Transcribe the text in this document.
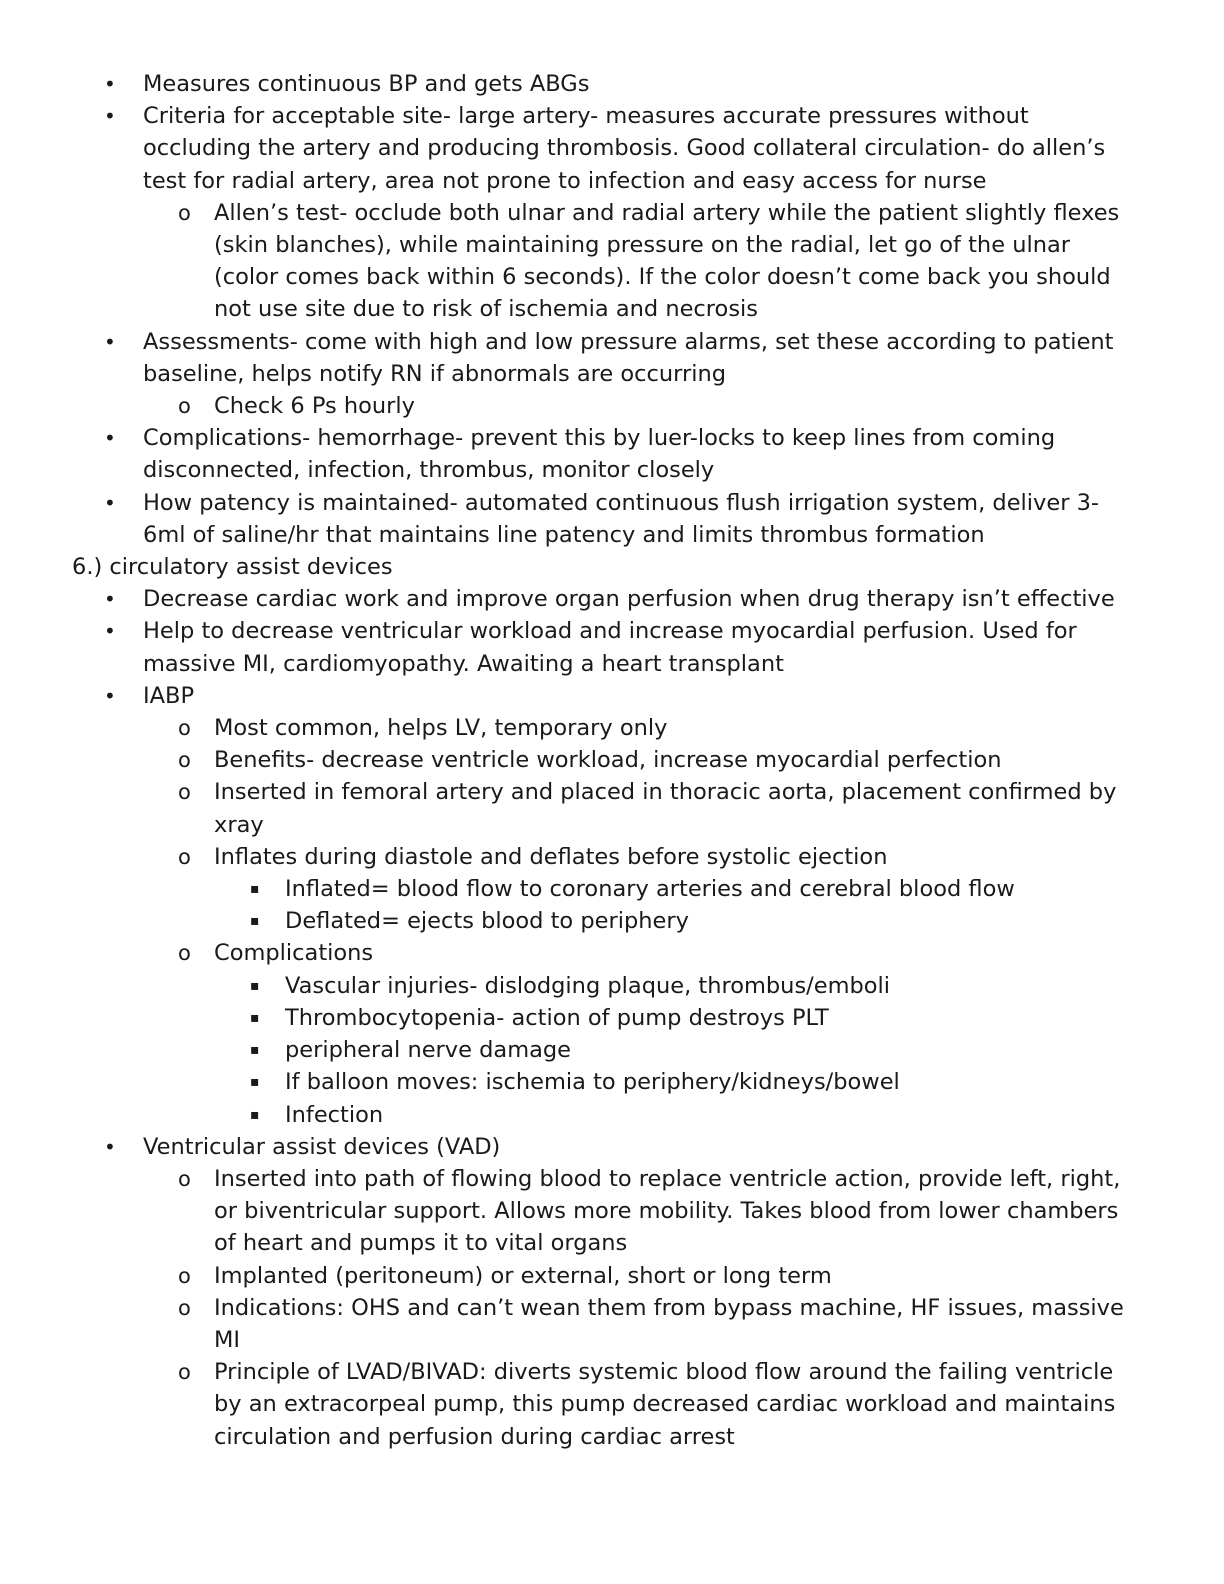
• Measures continuous BP and gets ABGs
• Criteria for acceptable site- large artery- measures accurate pressures without occluding the artery and producing thrombosis. Good collateral circulation- do allen’s test for radial artery, area not prone to infection and easy access for nurse
o Allen’s test- occlude both ulnar and radial artery while the patient slightly flexes (skin blanches), while maintaining pressure on the radial, let go of the ulnar (color comes back within 6 seconds). If the color doesn’t come back you should not use site due to risk of ischemia and necrosis
• Assessments- come with high and low pressure alarms, set these according to patient baseline, helps notify RN if abnormals are occurring
o Check 6 Ps hourly
• Complications- hemorrhage- prevent this by luer-locks to keep lines from coming disconnected, infection, thrombus, monitor closely
• How patency is maintained- automated continuous flush irrigation system, deliver 3-6ml of saline/hr that maintains line patency and limits thrombus formation
6.) circulatory assist devices
• Decrease cardiac work and improve organ perfusion when drug therapy isn’t effective
• Help to decrease ventricular workload and increase myocardial perfusion. Used for massive MI, cardiomyopathy. Awaiting a heart transplant
• IABP
o Most common, helps LV, temporary only
o Benefits- decrease ventricle workload, increase myocardial perfection
o Inserted in femoral artery and placed in thoracic aorta, placement confirmed by xray
o Inflates during diastole and deflates before systolic ejection
▪ Inflated= blood flow to coronary arteries and cerebral blood flow
▪ Deflated= ejects blood to periphery
o Complications
▪ Vascular injuries- dislodging plaque, thrombus/emboli
▪ Thrombocytopenia- action of pump destroys PLT
▪ peripheral nerve damage
▪ If balloon moves: ischemia to periphery/kidneys/bowel
▪ Infection
• Ventricular assist devices (VAD)
o Inserted into path of flowing blood to replace ventricle action, provide left, right, or biventricular support. Allows more mobility. Takes blood from lower chambers of heart and pumps it to vital organs
o Implanted (peritoneum) or external, short or long term
o Indications: OHS and can’t wean them from bypass machine, HF issues, massive MI
o Principle of LVAD/BIVAD: diverts systemic blood flow around the failing ventricle by an extracorpeal pump, this pump decreased cardiac workload and maintains circulation and perfusion during cardiac arrest
